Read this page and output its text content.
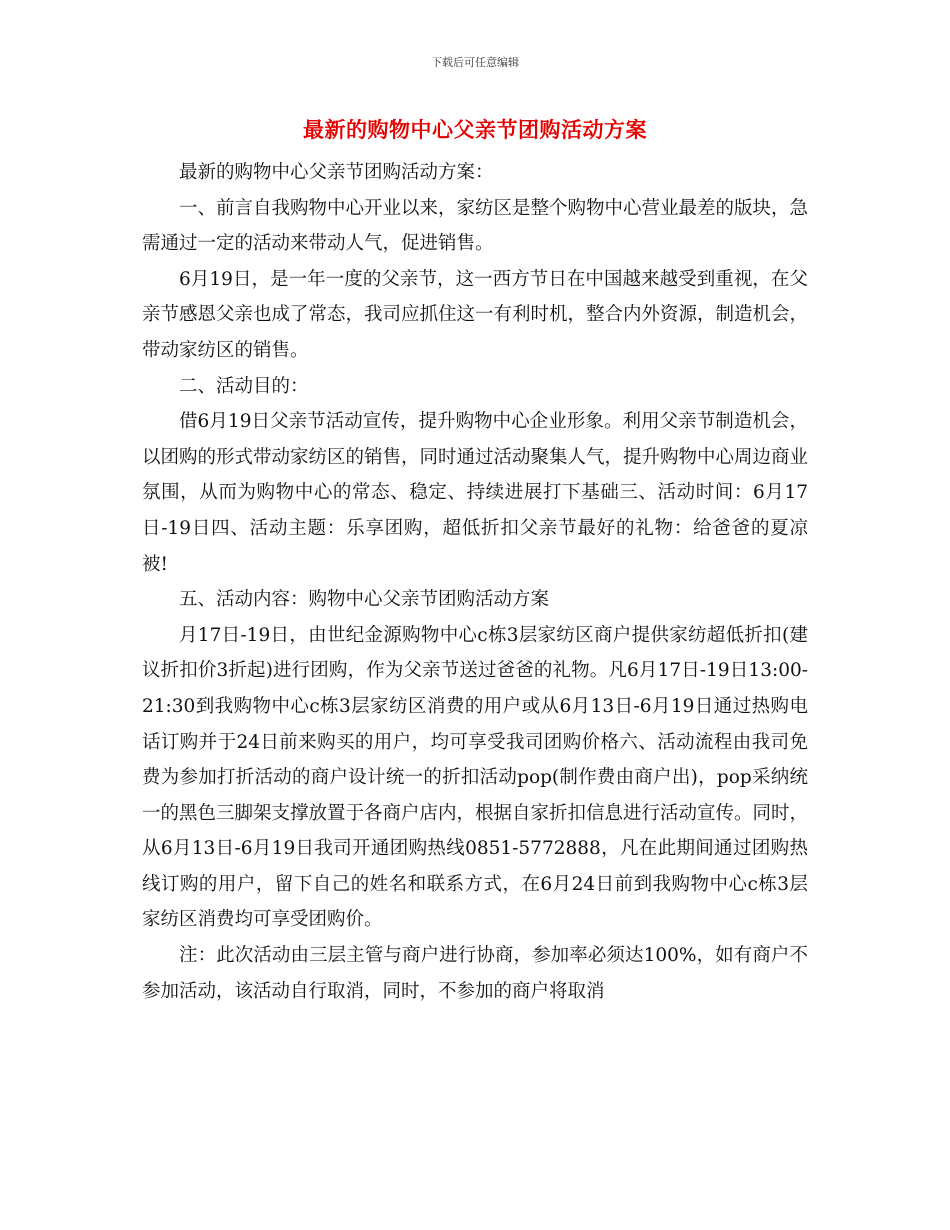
下载后可任意编辑
最新的购物中心父亲节团购活动方案

最新的购物中心父亲节团购活动方案：

一、前言自我购物中心开业以来，家纺区是整个购物中心营业最差的版块，急需通过一定的活动来带动人气，促进销售。

6月19日，是一年一度的父亲节，这一西方节日在中国越来越受到重视，在父亲节感恩父亲也成了常态，我司应抓住这一有利时机，整合内外资源，制造机会，带动家纺区的销售。

二、活动目的：

借6月19日父亲节活动宣传，提升购物中心企业形象。利用父亲节制造机会，以团购的形式带动家纺区的销售，同时通过活动聚集人气，提升购物中心周边商业氛围，从而为购物中心的常态、稳定、持续进展打下基础三、活动时间：6月17日-19日四、活动主题：乐享团购，超低折扣父亲节最好的礼物：给爸爸的夏凉被!

五、活动内容：购物中心父亲节团购活动方案

月17日-19日，由世纪金源购物中心c栋3层家纺区商户提供家纺超低折扣(建议折扣价3折起)进行团购，作为父亲节送过爸爸的礼物。凡6月17日-19日13:00-21:30到我购物中心c栋3层家纺区消费的用户或从6月13日-6月19日通过热购电话订购并于24日前来购买的用户，均可享受我司团购价格六、活动流程由我司免费为参加打折活动的商户设计统一的折扣活动pop(制作费由商户出)，pop采纳统一的黑色三脚架支撑放置于各商户店内，根据自家折扣信息进行活动宣传。同时，从6月13日-6月19日我司开通团购热线0851-5772888，凡在此期间通过团购热线订购的用户，留下自己的姓名和联系方式，在6月24日前到我购物中心c栋3层家纺区消费均可享受团购价。

注：此次活动由三层主管与商户进行协商，参加率必须达100%，如有商户不参加活动，该活动自行取消，同时，不参加的商户将取消
